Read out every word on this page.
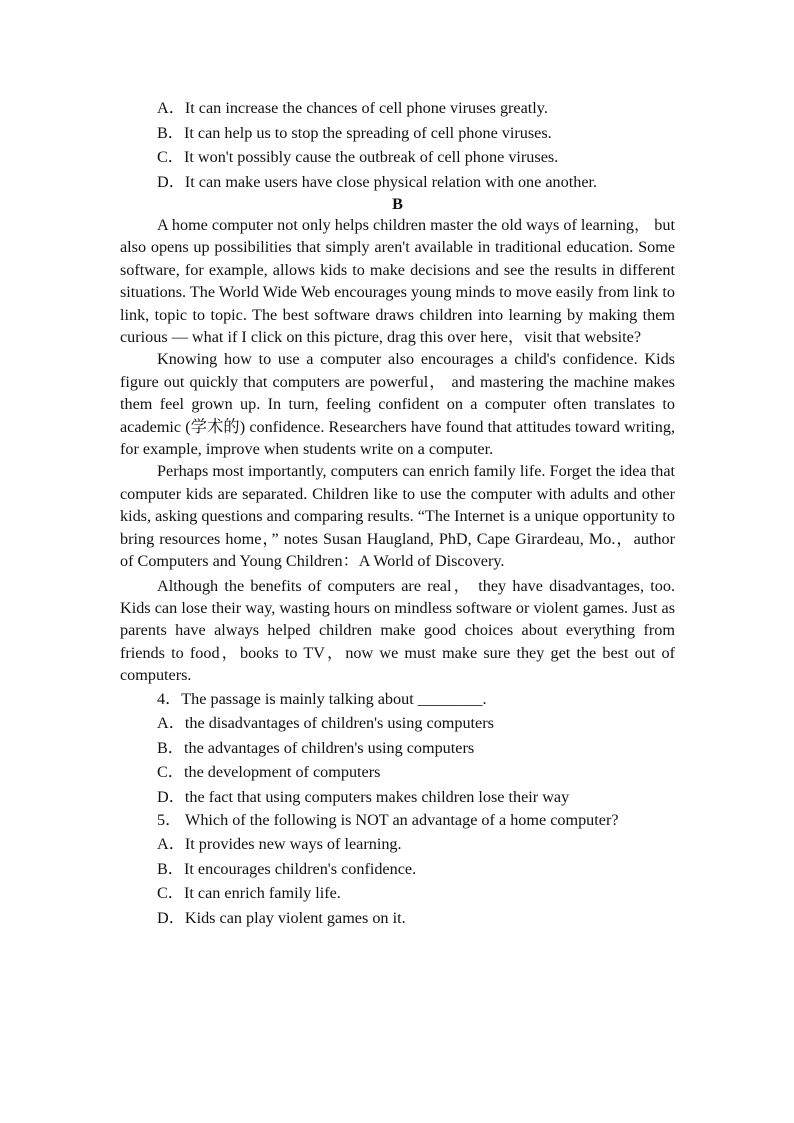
A．It can increase the chances of cell phone viruses greatly.

B．It can help us to stop the spreading of cell phone viruses.

C．It won't possibly cause the outbreak of cell phone viruses.

D．It can make users have close physical relation with one another.

B

A home computer not only helps children master the old ways of learning， but also opens up possibilities that simply aren't available in traditional education. Some software, for example, allows kids to make decisions and see the results in different situations. The World Wide Web encourages young minds to move easily from link to link, topic to topic. The best software draws children into learning by making them curious — what if I click on this picture, drag this over here，visit that website?

Knowing how to use a computer also encourages a child's confidence. Kids figure out quickly that computers are powerful， and mastering the machine makes them feel grown up. In turn, feeling confident on a computer often translates to academic (学术的) confidence. Researchers have found that attitudes toward writing, for example, improve when students write on a computer.

Perhaps most importantly, computers can enrich family life. Forget the idea that computer kids are separated. Children like to use the computer with adults and other kids, asking questions and comparing results. “The Internet is a unique opportunity to bring resources home，” notes Susan Haugland, PhD, Cape Girardeau, Mo.，author of Computers and Young Children：A World of Discovery.

Although the benefits of computers are real， they have disadvantages, too. Kids can lose their way, wasting hours on mindless software or violent games. Just as parents have always helped children make good choices about everything from friends to food，books to TV，now we must make sure they get the best out of computers.

4．The passage is mainly talking about ________.

A．the disadvantages of children's using computers

B．the advantages of children's using computers

C．the development of computers

D．the fact that using computers makes children lose their way

5． Which of the following is NOT an advantage of a home computer?

A．It provides new ways of learning.

B．It encourages children's confidence.

C．It can enrich family life.

D．Kids can play violent games on it.
